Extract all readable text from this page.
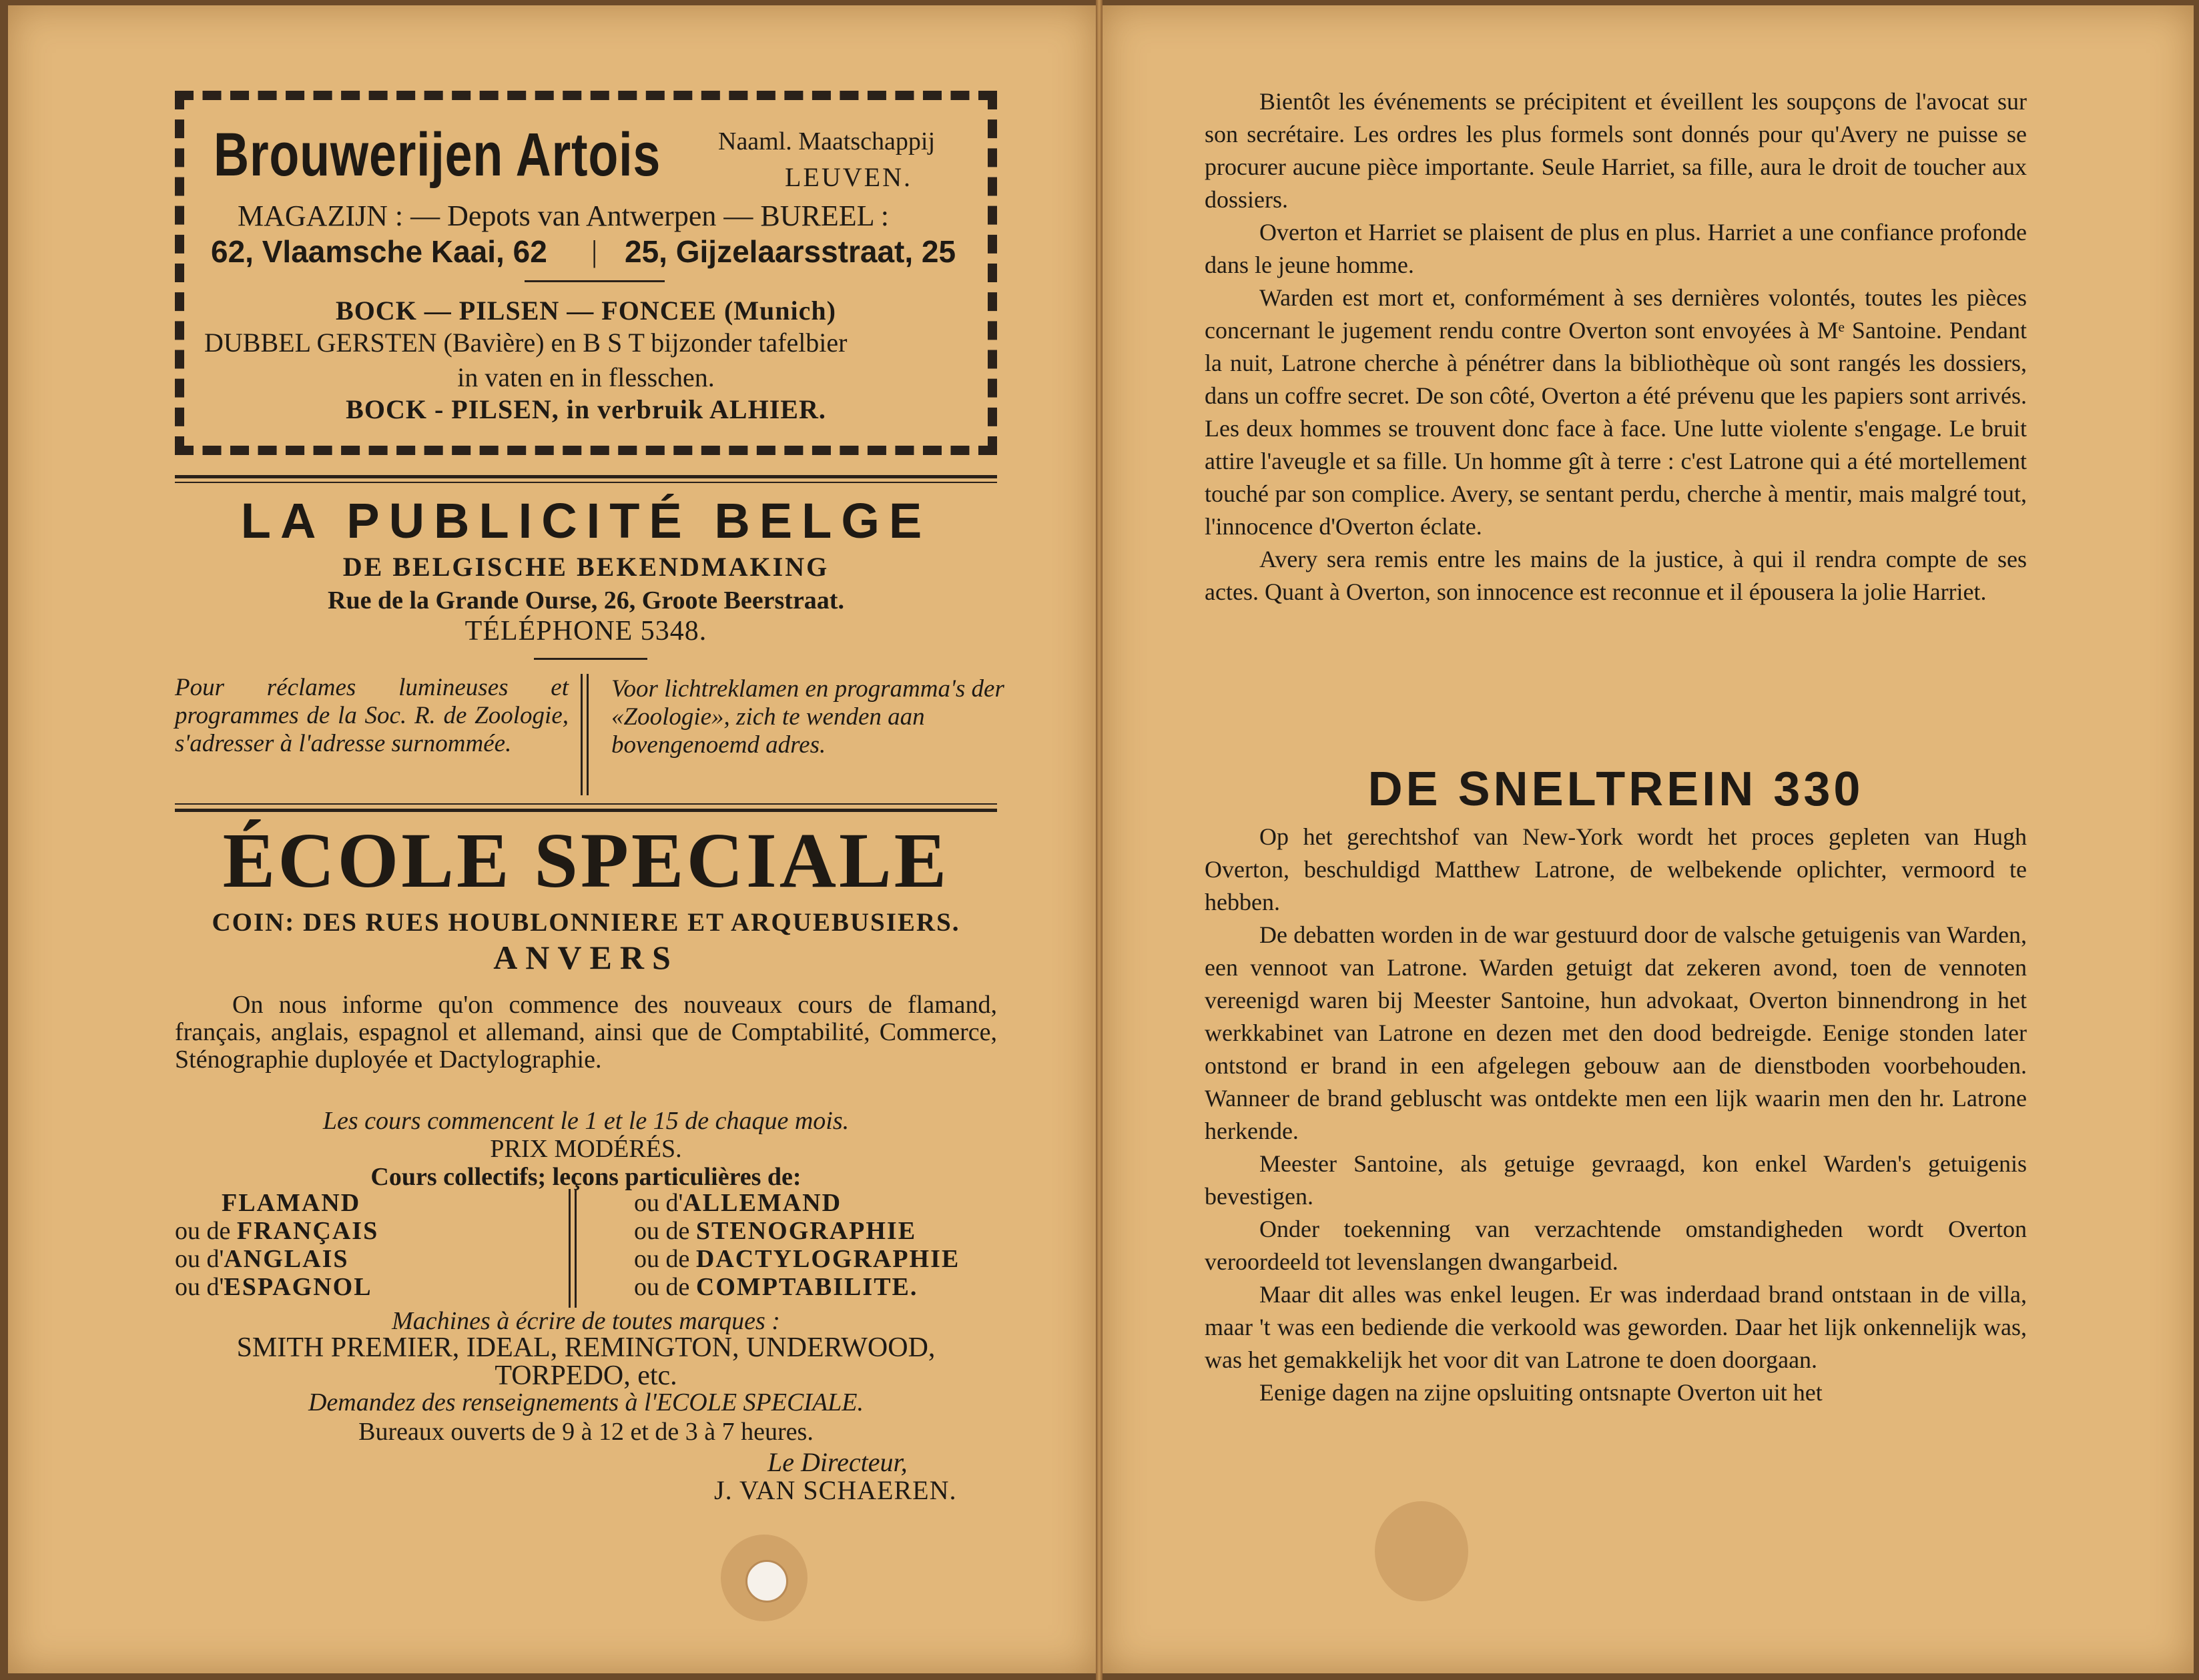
Brouwerijen Artois Naaml. Maatschappij
LEUVEN.
MAGAZIJN : — Depots van Antwerpen — BUREEL :
62, Vlaamsche Kaai, 62 | 25, Gijzelaarsstraat, 25
BOCK — PILSEN — FONCEE (Munich)
DUBBEL GERSTEN (Bavière) en B S T bijzonder tafelbier
in vaten en in flesschen.
BOCK - PILSEN, in verbruik ALHIER.
LA PUBLICITÉ BELGE
DE BELGISCHE BEKENDMAKING
Rue de la Grande Ourse, 26, Groote Beerstraat.
TÉLÉPHONE 5348.
Pour réclames lumineuses et programmes de la Soc. R. de Zoologie, s'adresser à l'adresse surnommée.
Voor lichtreklamen en programma's der «Zoologie», zich te wenden aan bovengenoemd adres.
ÉCOLE SPECIALE
COIN: DES RUES HOUBLONNIERE ET ARQUEBUSIERS.
ANVERS
On nous informe qu'on commence des nouveaux cours de flamand, français, anglais, espagnol et allemand, ainsi que de Comptabilité, Commerce, Sténographie duployée et Dactylographie.
Les cours commencent le 1 et le 15 de chaque mois.
PRIX MODÉRÉS.
Cours collectifs; leçons particulières de:
FLAMAND
ou de FRANÇAIS
ou d'ANGLAIS
ou d'ESPAGNOL
ou d'ALLEMAND
ou de STENOGRAPHIE
ou de DACTYLOGRAPHIE
ou de COMPTABILITE.
Machines à écrire de toutes marques :
SMITH PREMIER, IDEAL, REMINGTON, UNDERWOOD,
TORPEDO, etc.
Demandez des renseignements à l'ECOLE SPECIALE.
Bureaux ouverts de 9 à 12 et de 3 à 7 heures.
Le Directeur,
J. VAN SCHAEREN.

Bientôt les événements se précipitent et éveillent les soupçons de l'avocat sur son secrétaire. Les ordres les plus formels sont donnés pour qu'Avery ne puisse se procurer aucune pièce importante. Seule Harriet, sa fille, aura le droit de toucher aux dossiers.

Overton et Harriet se plaisent de plus en plus. Harriet a une confiance profonde dans le jeune homme.

Warden est mort et, conformément à ses dernières volontés, toutes les pièces concernant le jugement rendu contre Overton sont envoyées à Mᵉ Santoine. Pendant la nuit, Latrone cherche à pénétrer dans la bibliothèque où sont rangés les dossiers, dans un coffre secret. De son côté, Overton a été prévenu que les papiers sont arrivés. Les deux hommes se trouvent donc face à face. Une lutte violente s'engage. Le bruit attire l'aveugle et sa fille. Un homme gît à terre : c'est Latrone qui a été mortellement touché par son complice. Avery, se sentant perdu, cherche à mentir, mais malgré tout, l'innocence d'Overton éclate.

Avery sera remis entre les mains de la justice, à qui il rendra compte de ses actes. Quant à Overton, son innocence est reconnue et il épousera la jolie Harriet.

DE SNELTREIN 330

Op het gerechtshof van New-York wordt het proces gepleten van Hugh Overton, beschuldigd Matthew Latrone, de welbekende oplichter, vermoord te hebben.

De debatten worden in de war gestuurd door de valsche getuigenis van Warden, een vennoot van Latrone. Warden getuigt dat zekeren avond, toen de vennoten vereenigd waren bij Meester Santoine, hun advokaat, Overton binnendrong in het werkkabinet van Latrone en dezen met den dood bedreigde. Eenige stonden later ontstond er brand in een afgelegen gebouw aan de dienstboden voorbehouden. Wanneer de brand gebluscht was ontdekte men een lijk waarin men den hr. Latrone herkende.

Meester Santoine, als getuige gevraagd, kon enkel Warden's getuigenis bevestigen.

Onder toekenning van verzachtende omstandigheden wordt Overton veroordeeld tot levenslangen dwangarbeid.

Maar dit alles was enkel leugen. Er was inderdaad brand ontstaan in de villa, maar 't was een bediende die verkoold was geworden. Daar het lijk onkennelijk was, was het gemakkelijk het voor dit van Latrone te doen doorgaan.

Eenige dagen na zijne opsluiting ontsnapte Overton uit het
